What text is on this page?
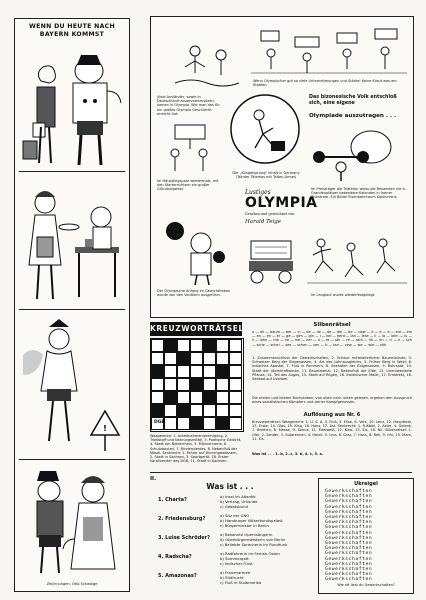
WENN DU HEUTE NACH
BAYERN KOMMST
!
Zeichnungen: Otto Schwalge
Wenn Olympischer gut so viele Unternehmungen und Stärke! Keine Kraut was am Staafen.
Viele Ausländer, sowie in Deutschland zusammenzusitzen, kamen in Olympia. Wie man das für ein großes Olympia Geschlecht erreicht hat.
Der „Klingelsprung" Inhalt in Germany (Tsinder Tätsmas mit Taiten-Ärmel)
Im Häuptlingspaar wiedermals, mit den Starterrichtern ein großer Gründungsfest.
Das bizonesische Volk entschloß sich, eine eigene
Olympiade auszutragen . . .
Im Preisträger die Triathlon weiss die Reisenden nie a. Grandeuplätzer bekendere Kalenden in Inerrer Rhentrem. Ein Bilder Eisenbahnraum Konkurrenz.
Lustiges
OLYMPIA
Gesehen und gezeichnet von
Harald Teige
Der Olympische Anfang im Gewichtheben wurde von den Vorlälern ausgeführt.	Im Langlauf wurde wiederfestgelegt.
KREUZWORTRÄTSEL
DGB
Waagerecht: 1. Arbeitnehmervereinigung, 2. Triebstoff und Nahrungsmittel, 3. Poetische Gedicht, 4. Stadt am Niederrhein, 5. Männername, 6. Schutzbauten, 7. Rinderpferdes, 8. Nebenfluß der Mosel. Senkrecht: 1. Fahrer auf Binnengewässern, 2. Stadt in Sachsen, 3. Sportgerät, 18. Erster Vorsitzender des DGB, 11. Stadt in Sachsen.
Silbenrätsel
a — ak — baum — ber — ci — de — de — de — del — do — dow — e — e — e — eid — ein — en — en — er — ge — gim — gin — i — kel — kerd — lan — lese — li — lo — lohn — lu — li — lohn — me — na — nal — ner — o — ra — pik — re — rant — rik — rin — ri — ri — sch — sche — schei — see — schen — sen — ti — tan — vew — we — wie — zäh
1. Zusammenschluss der Gewerkschaften, 2. Schwur mittelalterlicher Bauernbünde, 3. Schweizer Berg der Eidgenossen, 4. Art des Lohnausgleichs, 5. Früher Berg in Wald, 6. Indisches Apostel, 7. Fluß in Pommern, 8. Seehafen der Eidgenossen, 9. Ruhrsadt, 10. Stadt der Atomkraftwerke, 11. Baumaterial, 12. Nebenfluß der Elbe, 13. Unentwendete Pflanze, 14. Teil des Auges, 15. Stadt auf Rügen, 16. Italienischer Maler, 17. Erntefest, 18. Seebad auf Usedom.
Die ersten und letzten Buchstaben, von oben nach unten gelesen, ergeben den Ausspruch eines sozialistischen Kämpfers und seiner Kampfgenossen.
Auflösung aus Nr. 6
Kreuzworträtsel: Waagerecht: 1. U. S. A. 3. Fluß, 5. Elise, 6. Vers, 10. Lenz, 12. Haupttext, 13. Erste, 14. Glas, 15. Kino, 16. Hans, 17. Ast. Senkrecht: 1. Fußball, 2. Aster, 4. Gelenk, 7. Bremen, 8. Messe, 9. Sonne, 11. Edelweiß, 12. Kino, 13. Eis, 18. Nil. Silbenrätsel: 1. Ufer, 2. Sender, 3. Autorennen, 4. Heine, 5. Lina, 6. Graz, 7. Hans, 8. Reh, 9. Ohr, 10. Marx, 11. Eis.
Was ist . . . 1. b, 2. c, 3. b, 4. c, 5. a.
II.
Was ist . . .
1. Charta?
a) Insel im Atlantik
b) Vertrag, Urkunde
c) Gebetsbund
2. Friedensburg?
a) Sitz der UNO
b) Hamburger Völkerbundspalast
c) Bürgermeister in Berlin
3. Luise Schröder?
a) Bekannte Opernsängerin
b) Oberbürgermeisterin von Berlin
c) Beliebte Sprecherin im Rundfunk
4. Radscha?
a) Radfahrerin im Fernen Osten
b) Sommergott
c) Indischer Fürst
5. Amazonas?
a) Frauenarmee
b) Südfrucht
c) Fluß in Südamerika
Ukreigel
Gewerkschaften
Gewerkschaften
Gewerkschaften
Gewerkschaften
Gewerkschaften
Gewerkschaften
Gewerkschaften
Gewerkschaften
Gewerkschaften
Gewerkschaften
Gewerkschaften
Gewerkschaften
Gewerkschaften
Gewerkschaften
Gewerkschaften
Gewerkschaften
Gewerkschaften
Gewerkschaften
Wie oft liest du Gewerkschaften?
